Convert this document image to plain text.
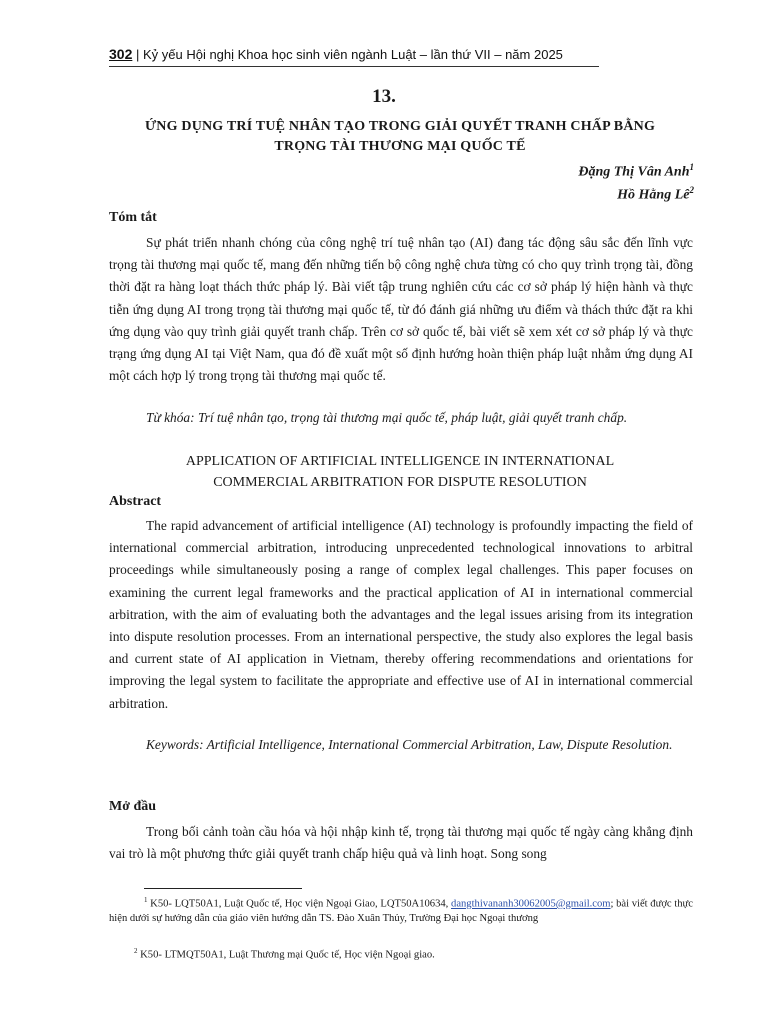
302 | Kỷ yếu Hội nghị Khoa học sinh viên ngành Luật – lần thứ VII – năm 2025
13.
ỨNG DỤNG TRÍ TUỆ NHÂN TẠO TRONG GIẢI QUYẾT TRANH CHẤP BẰNG
TRỌNG TÀI THƯƠNG MẠI QUỐC TẾ
Đặng Thị Vân Anh$^1$
Hồ Hằng $Lê^2$
Tóm tắt

Sự phát triển nhanh chóng của công nghệ trí tuệ nhân tạo (AI) đang tác động sâu sắc đến lĩnh vực trọng tài thương mại quốc tế, mang đến những tiến bộ công nghệ chưa từng có cho quy trình trọng tài, đồng thời đặt ra hàng loạt thách thức pháp lý. Bài viết tập trung nghiên cứu các cơ sở pháp lý hiện hành và thực tiễn ứng dụng AI trong trọng tài thương mại quốc tế, từ đó đánh giá những ưu điểm và thách thức đặt ra khi ứng dụng vào quy trình giải quyết tranh chấp. Trên cơ sở quốc tế, bài viết sẽ xem xét cơ sở pháp lý và thực trạng ứng dụng AI tại Việt Nam, qua đó đề xuất một số định hướng hoàn thiện pháp luật nhằm ứng dụng AI một cách hợp lý trong trọng tài thương mại quốc tế.

Từ khóa: Trí tuệ nhân tạo, trọng tài thương mại quốc tế, pháp luật, giải quyết tranh chấp.

APPLICATION OF ARTIFICIAL INTELLIGENCE IN INTERNATIONAL
COMMERCIAL ARBITRATION FOR DISPUTE RESOLUTION
Abstract

The rapid advancement of artificial intelligence (AI) technology is profoundly impacting the field of international commercial arbitration, introducing unprecedented technological innovations to arbitral proceedings while simultaneously posing a range of complex legal challenges. This paper focuses on examining the current legal frameworks and the practical application of AI in international commercial arbitration, with the aim of evaluating both the advantages and the legal issues arising from its integration into dispute resolution processes. From an international perspective, the study also explores the legal basis and current state of AI application in Vietnam, thereby offering recommendations and orientations for improving the legal system to facilitate the appropriate and effective use of AI in international commercial arbitration.

Keywords: Artificial Intelligence, International Commercial Arbitration, Law, Dispute Resolution.

Mở đầu

Trong bối cảnh toàn cầu hóa và hội nhập kinh tế, trọng tài thương mại quốc tế ngày càng khẳng định vai trò là một phương thức giải quyết tranh chấp hiệu quả và linh hoạt. Song song

$^1$ K50- LQT50A1, Luật Quốc tế, Học viện Ngoại Giao, LQT50A10634, dangthivananh30062005@gmail.com; bài viết được thực hiện dưới sự hướng dẫn của giáo viên hướng dẫn TS. Đào Xuân Thủy, Trường Đại học Ngoại thương

$^2$ K50- LTMQT50A1, Luật Thương mại Quốc tế, Học viện Ngoại giao.
